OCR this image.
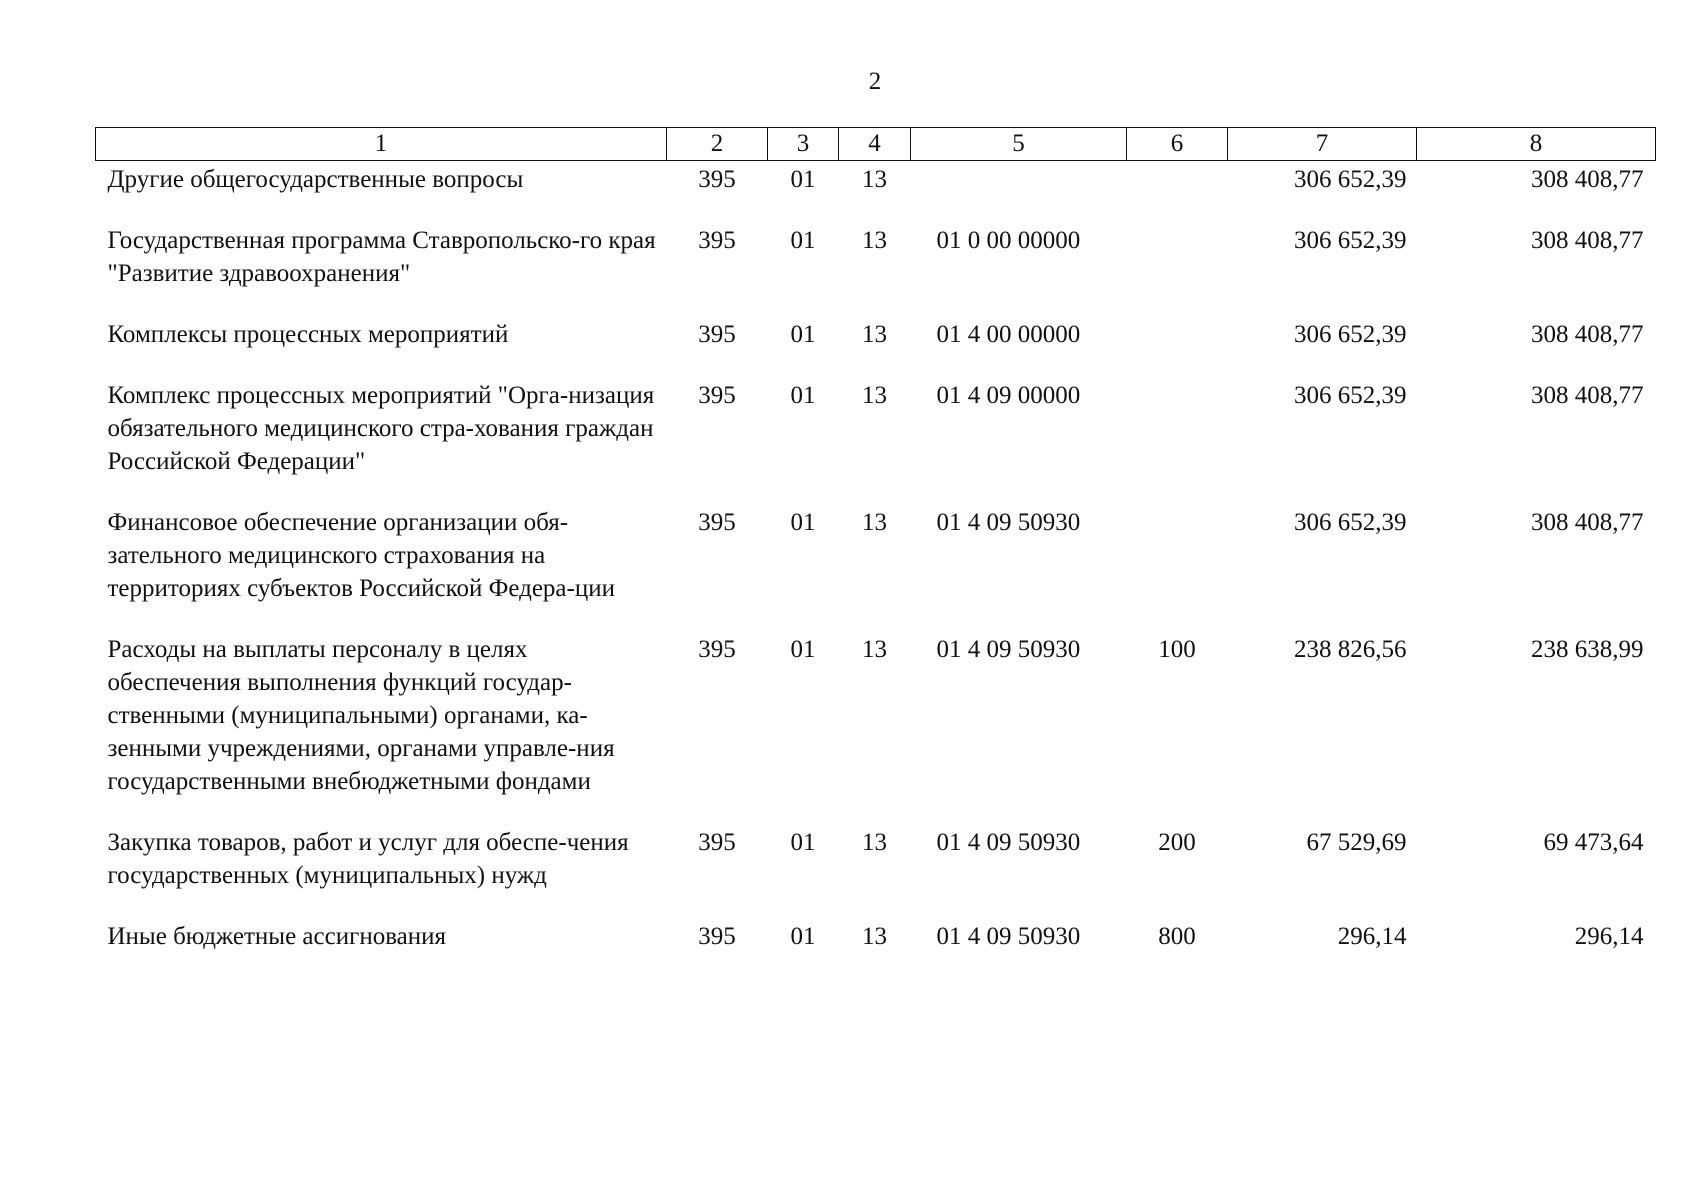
2
1	2	3	4	5	6	7	8
Другие общегосударственные вопросы	395	01	13			306 652,39	308 408,77
Государственная программа Ставропольско-го края "Развитие здравоохранения"	395	01	13	01 0 00 00000		306 652,39	308 408,77
Комплексы процессных мероприятий	395	01	13	01 4 00 00000		306 652,39	308 408,77
Комплекс процессных мероприятий "Орга-низация обязательного медицинского стра-хования граждан Российской Федерации"	395	01	13	01 4 09 00000		306 652,39	308 408,77
Финансовое обеспечение организации обя-зательного медицинского страхования на территориях субъектов Российской Федера-ции	395	01	13	01 4 09 50930		306 652,39	308 408,77
Расходы на выплаты персоналу в целях обеспечения выполнения функций государ-ственными (муниципальными) органами, ка-зенными учреждениями, органами управле-ния государственными внебюджетными фондами	395	01	13	01 4 09 50930	100	238 826,56	238 638,99
Закупка товаров, работ и услуг для обеспе-чения государственных (муниципальных) нужд	395	01	13	01 4 09 50930	200	67 529,69	69 473,64
Иные бюджетные ассигнования	395	01	13	01 4 09 50930	800	296,14	296,14
